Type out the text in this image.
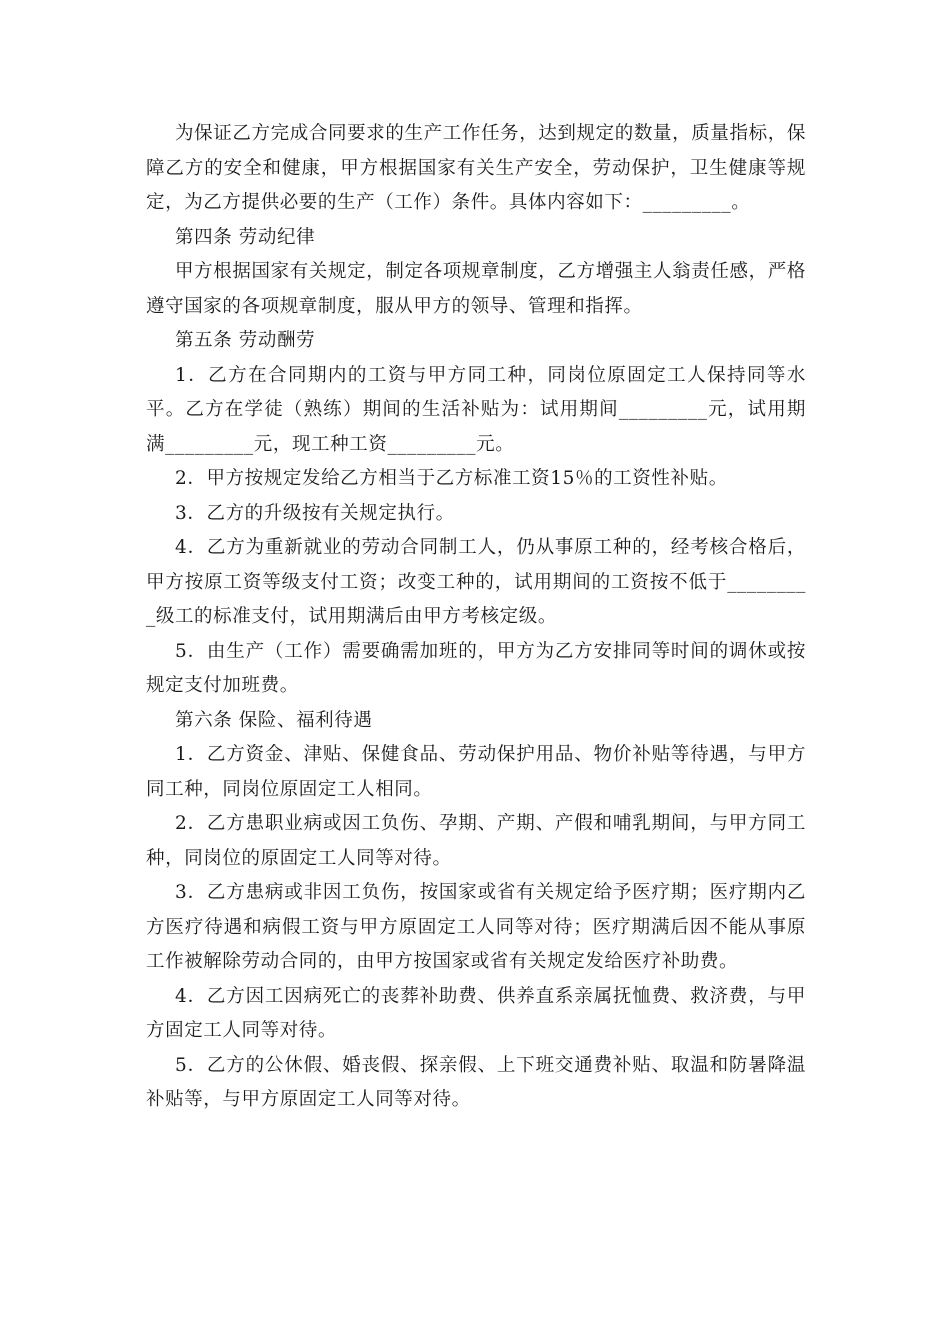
为保证乙方完成合同要求的生产工作任务，达到规定的数量，质量指标，保障乙方的安全和健康，甲方根据国家有关生产安全，劳动保护，卫生健康等规定，为乙方提供必要的生产（工作）条件。具体内容如下：_________。

第四条 劳动纪律

甲方根据国家有关规定，制定各项规章制度，乙方增强主人翁责任感，严格遵守国家的各项规章制度，服从甲方的领导、管理和指挥。

第五条 劳动酬劳

1．乙方在合同期内的工资与甲方同工种，同岗位原固定工人保持同等水平。乙方在学徒（熟练）期间的生活补贴为：试用期间_________元，试用期满_________元，现工种工资_________元。

2．甲方按规定发给乙方相当于乙方标准工资15％的工资性补贴。

3．乙方的升级按有关规定执行。

4．乙方为重新就业的劳动合同制工人，仍从事原工种的，经考核合格后，甲方按原工资等级支付工资；改变工种的，试用期间的工资按不低于_________级工的标准支付，试用期满后由甲方考核定级。

5．由生产（工作）需要确需加班的，甲方为乙方安排同等时间的调休或按规定支付加班费。

第六条 保险、福利待遇

1．乙方资金、津贴、保健食品、劳动保护用品、物价补贴等待遇，与甲方同工种，同岗位原固定工人相同。

2．乙方患职业病或因工负伤、孕期、产期、产假和哺乳期间，与甲方同工种，同岗位的原固定工人同等对待。

3．乙方患病或非因工负伤，按国家或省有关规定给予医疗期；医疗期内乙方医疗待遇和病假工资与甲方原固定工人同等对待；医疗期满后因不能从事原工作被解除劳动合同的，由甲方按国家或省有关规定发给医疗补助费。

4．乙方因工因病死亡的丧葬补助费、供养直系亲属抚恤费、救济费，与甲方固定工人同等对待。

5．乙方的公休假、婚丧假、探亲假、上下班交通费补贴、取温和防暑降温补贴等，与甲方原固定工人同等对待。
